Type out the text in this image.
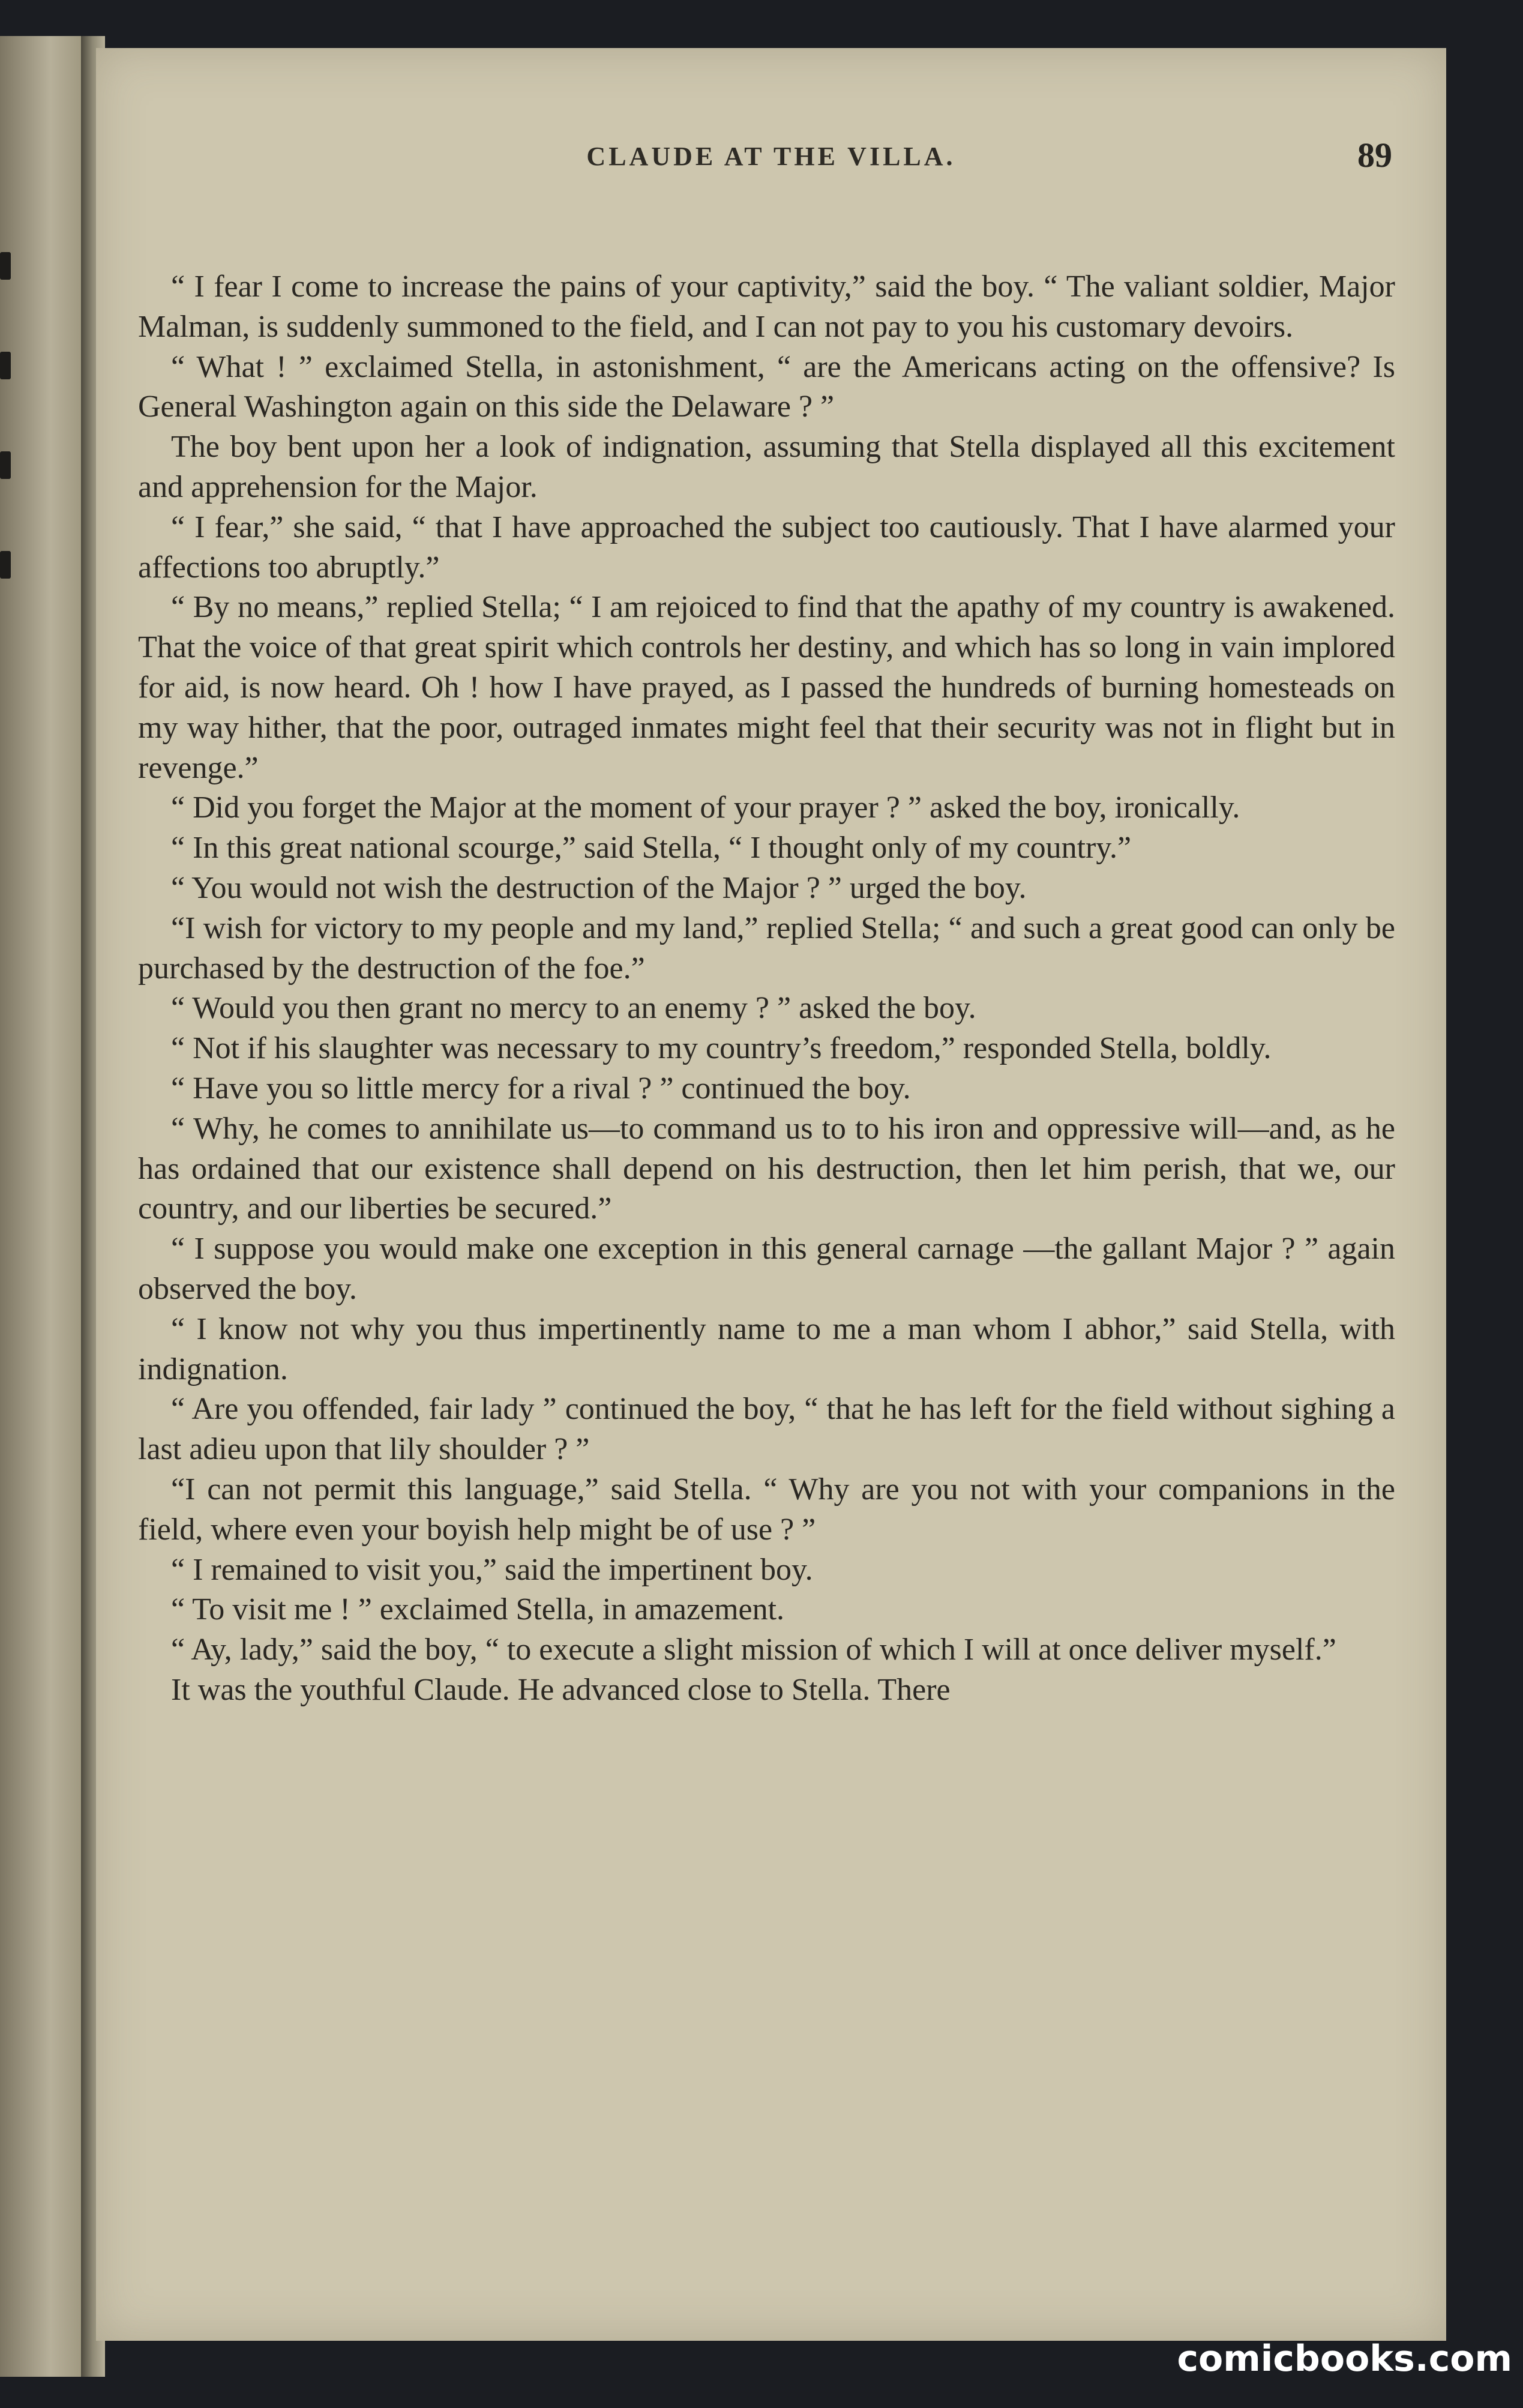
CLAUDE AT THE VILLA.	89

“ I fear I come to increase the pains of your captivity,” said the boy. “ The valiant soldier, Major Malman, is suddenly summoned to the field, and I can not pay to you his customary devoirs.

“ What ! ” exclaimed Stella, in astonishment, “ are the Americans acting on the offensive? Is General Washington again on this side the Delaware ? ”

The boy bent upon her a look of indignation, assuming that Stella displayed all this excitement and apprehension for the Major.

“ I fear,” she said, “ that I have approached the subject too cautiously. That I have alarmed your affections too abruptly.”

“ By no means,” replied Stella; “ I am rejoiced to find that the apathy of my country is awakened. That the voice of that great spirit which controls her destiny, and which has so long in vain implored for aid, is now heard. Oh ! how I have prayed, as I passed the hundreds of burning homesteads on my way hither, that the poor, outraged inmates might feel that their security was not in flight but in revenge.”

“ Did you forget the Major at the moment of your prayer ? ” asked the boy, ironically.

“ In this great national scourge,” said Stella, “ I thought only of my country.”

“ You would not wish the destruction of the Major ? ” urged the boy.

“I wish for victory to my people and my land,” replied Stella; “ and such a great good can only be purchased by the destruction of the foe.”

“ Would you then grant no mercy to an enemy ? ” asked the boy.

“ Not if his slaughter was necessary to my country’s freedom,” responded Stella, boldly.

“ Have you so little mercy for a rival ? ” continued the boy.

“ Why, he comes to annihilate us—to command us to to his iron and oppressive will—and, as he has ordained that our existence shall depend on his destruction, then let him perish, that we, our country, and our liberties be secured.”

“ I suppose you would make one exception in this general carnage —the gallant Major ? ” again observed the boy.

“ I know not why you thus impertinently name to me a man whom I abhor,” said Stella, with indignation.

“ Are you offended, fair lady ” continued the boy, “ that he has left for the field without sighing a last adieu upon that lily shoulder ? ”

“I can not permit this language,” said Stella. “ Why are you not with your companions in the field, where even your boyish help might be of use ? ”

“ I remained to visit you,” said the impertinent boy.

“ To visit me ! ” exclaimed Stella, in amazement.

“ Ay, lady,” said the boy, “ to execute a slight mission of which I will at once deliver myself.”

It was the youthful Claude. He advanced close to Stella. There

comicbooks.com
